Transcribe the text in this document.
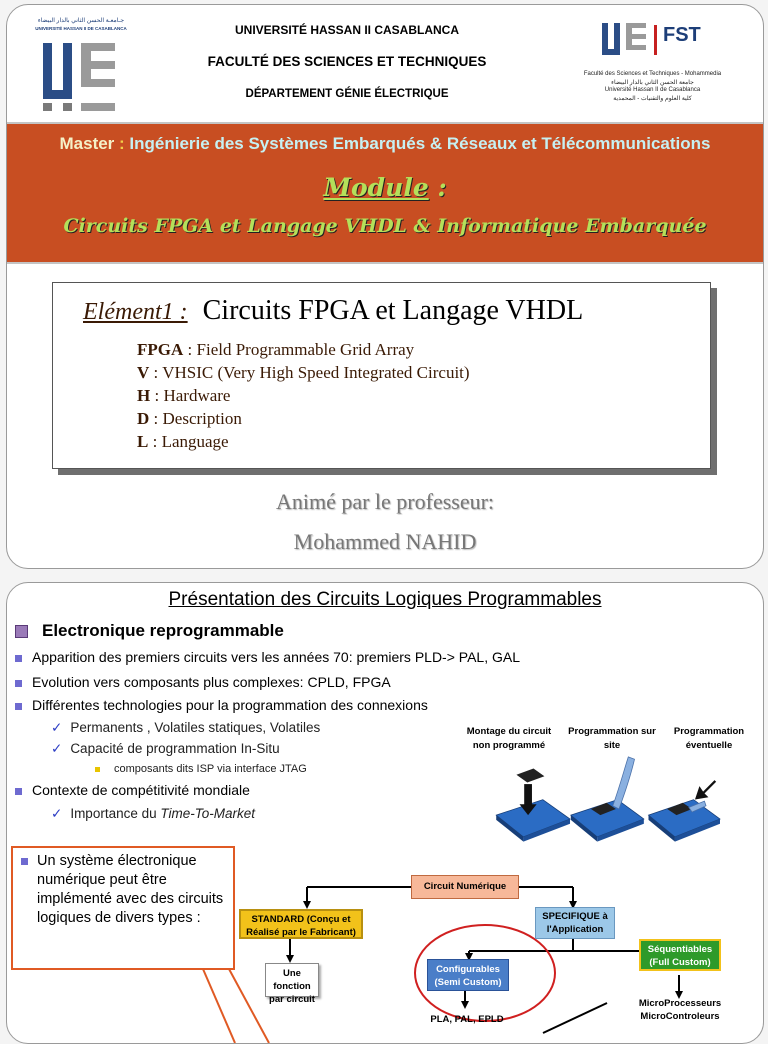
جـامعـة الحسن الثاني بالدار البيضاء
UNIVERSITÉ HASSAN II DE CASABLANCA	UNIVERSITÉ HASSAN II CASABLANCA
FACULTÉ DES SCIENCES ET TECHNIQUES
DÉPARTEMENT GÉNIE ÉLECTRIQUE
FST
Faculté des Sciences et Techniques - Mohammedia
جامعة الحسن الثاني بالدار البيضاء
Université Hassan II de Casablanca
كلية العلوم والتقنيات - المحمدية
Master : Ingénierie des Systèmes Embarqués & Réseaux et Télécommunications
Module :
Circuits FPGA et Langage VHDL & Informatique Embarquée
Elément1 : Circuits FPGA et Langage VHDL
FPGA : Field Programmable Grid Array
V : VHSIC (Very High Speed Integrated Circuit)
H : Hardware
D : Description
L : Language
Animé par le professeur:
Mohammed NAHID
Présentation des Circuits Logiques Programmables
Electronique reprogrammable
Apparition des premiers circuits vers les années 70: premiers PLD-> PAL, GAL
Evolution vers composants plus complexes: CPLD, FPGA
Différentes technologies pour la programmation des connexions
✓ Permanents , Volatiles statiques, Volatiles
✓ Capacité de programmation In-Situ
composants dits ISP via interface JTAG
Contexte de compétitivité mondiale
✓ Importance du Time-To-Market
Montage du circuit non programmé
Programmation sur site
Programmation éventuelle
Un système électronique numérique peut être implémenté avec des circuits logiques de divers types :
Circuit Numérique
STANDARD (Conçu et Réalisé par le Fabricant)
SPECIFIQUE à l'Application
Une fonction par circuit
Configurables (Semi Custom)
Séquentiables (Full Custom)
PLA, PAL, EPLD
MicroProcesseurs MicroControleurs
